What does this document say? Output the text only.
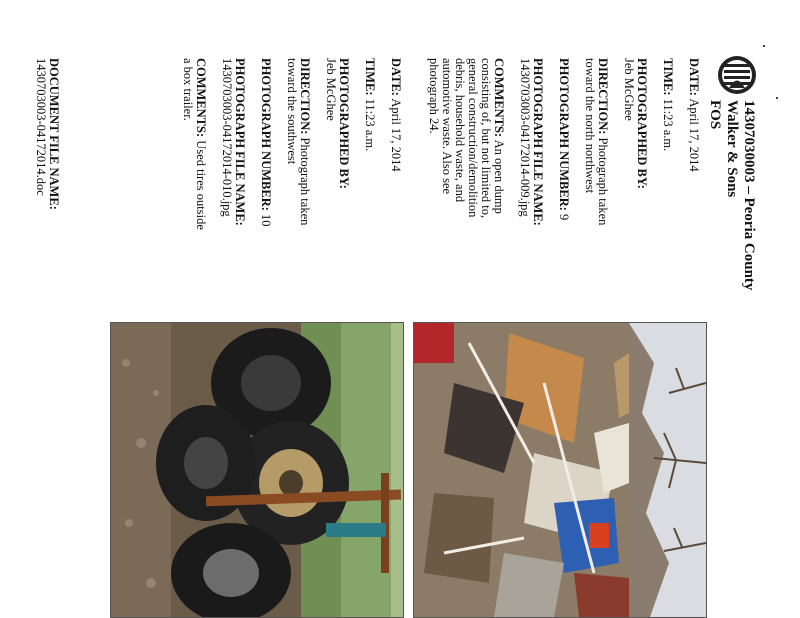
14307030003 – Peoria County
Walker & Sons
FOS
DATE: April 17, 2014

TIME: 11:23 a.m.

PHOTOGRAPHED BY:
Jeb McGhee

DIRECTION: Photograph taken
toward the north northwest

PHOTOGRAPH NUMBER: 9

PHOTOGRAPH FILE NAME:
1430703003-04172014-009.jpg

COMMENTS: An open dump
consisting of, but not limited to,
general construction/demolition
debris, household waste, and
automotive waste. Also see
photograph 24.
DATE: April 17, 2014

TIME: 11:23 a.m.

PHOTOGRAPHED BY:
Jeb McGhee

DIRECTION: Photograph taken
toward the southwest

PHOTOGRAPH NUMBER: 10

PHOTOGRAPH FILE NAME:
1430703003-04172014-010.jpg

COMMENTS: Used tires outside
a box trailer.
DOCUMENT FILE NAME:
1430703003-04172014.doc
